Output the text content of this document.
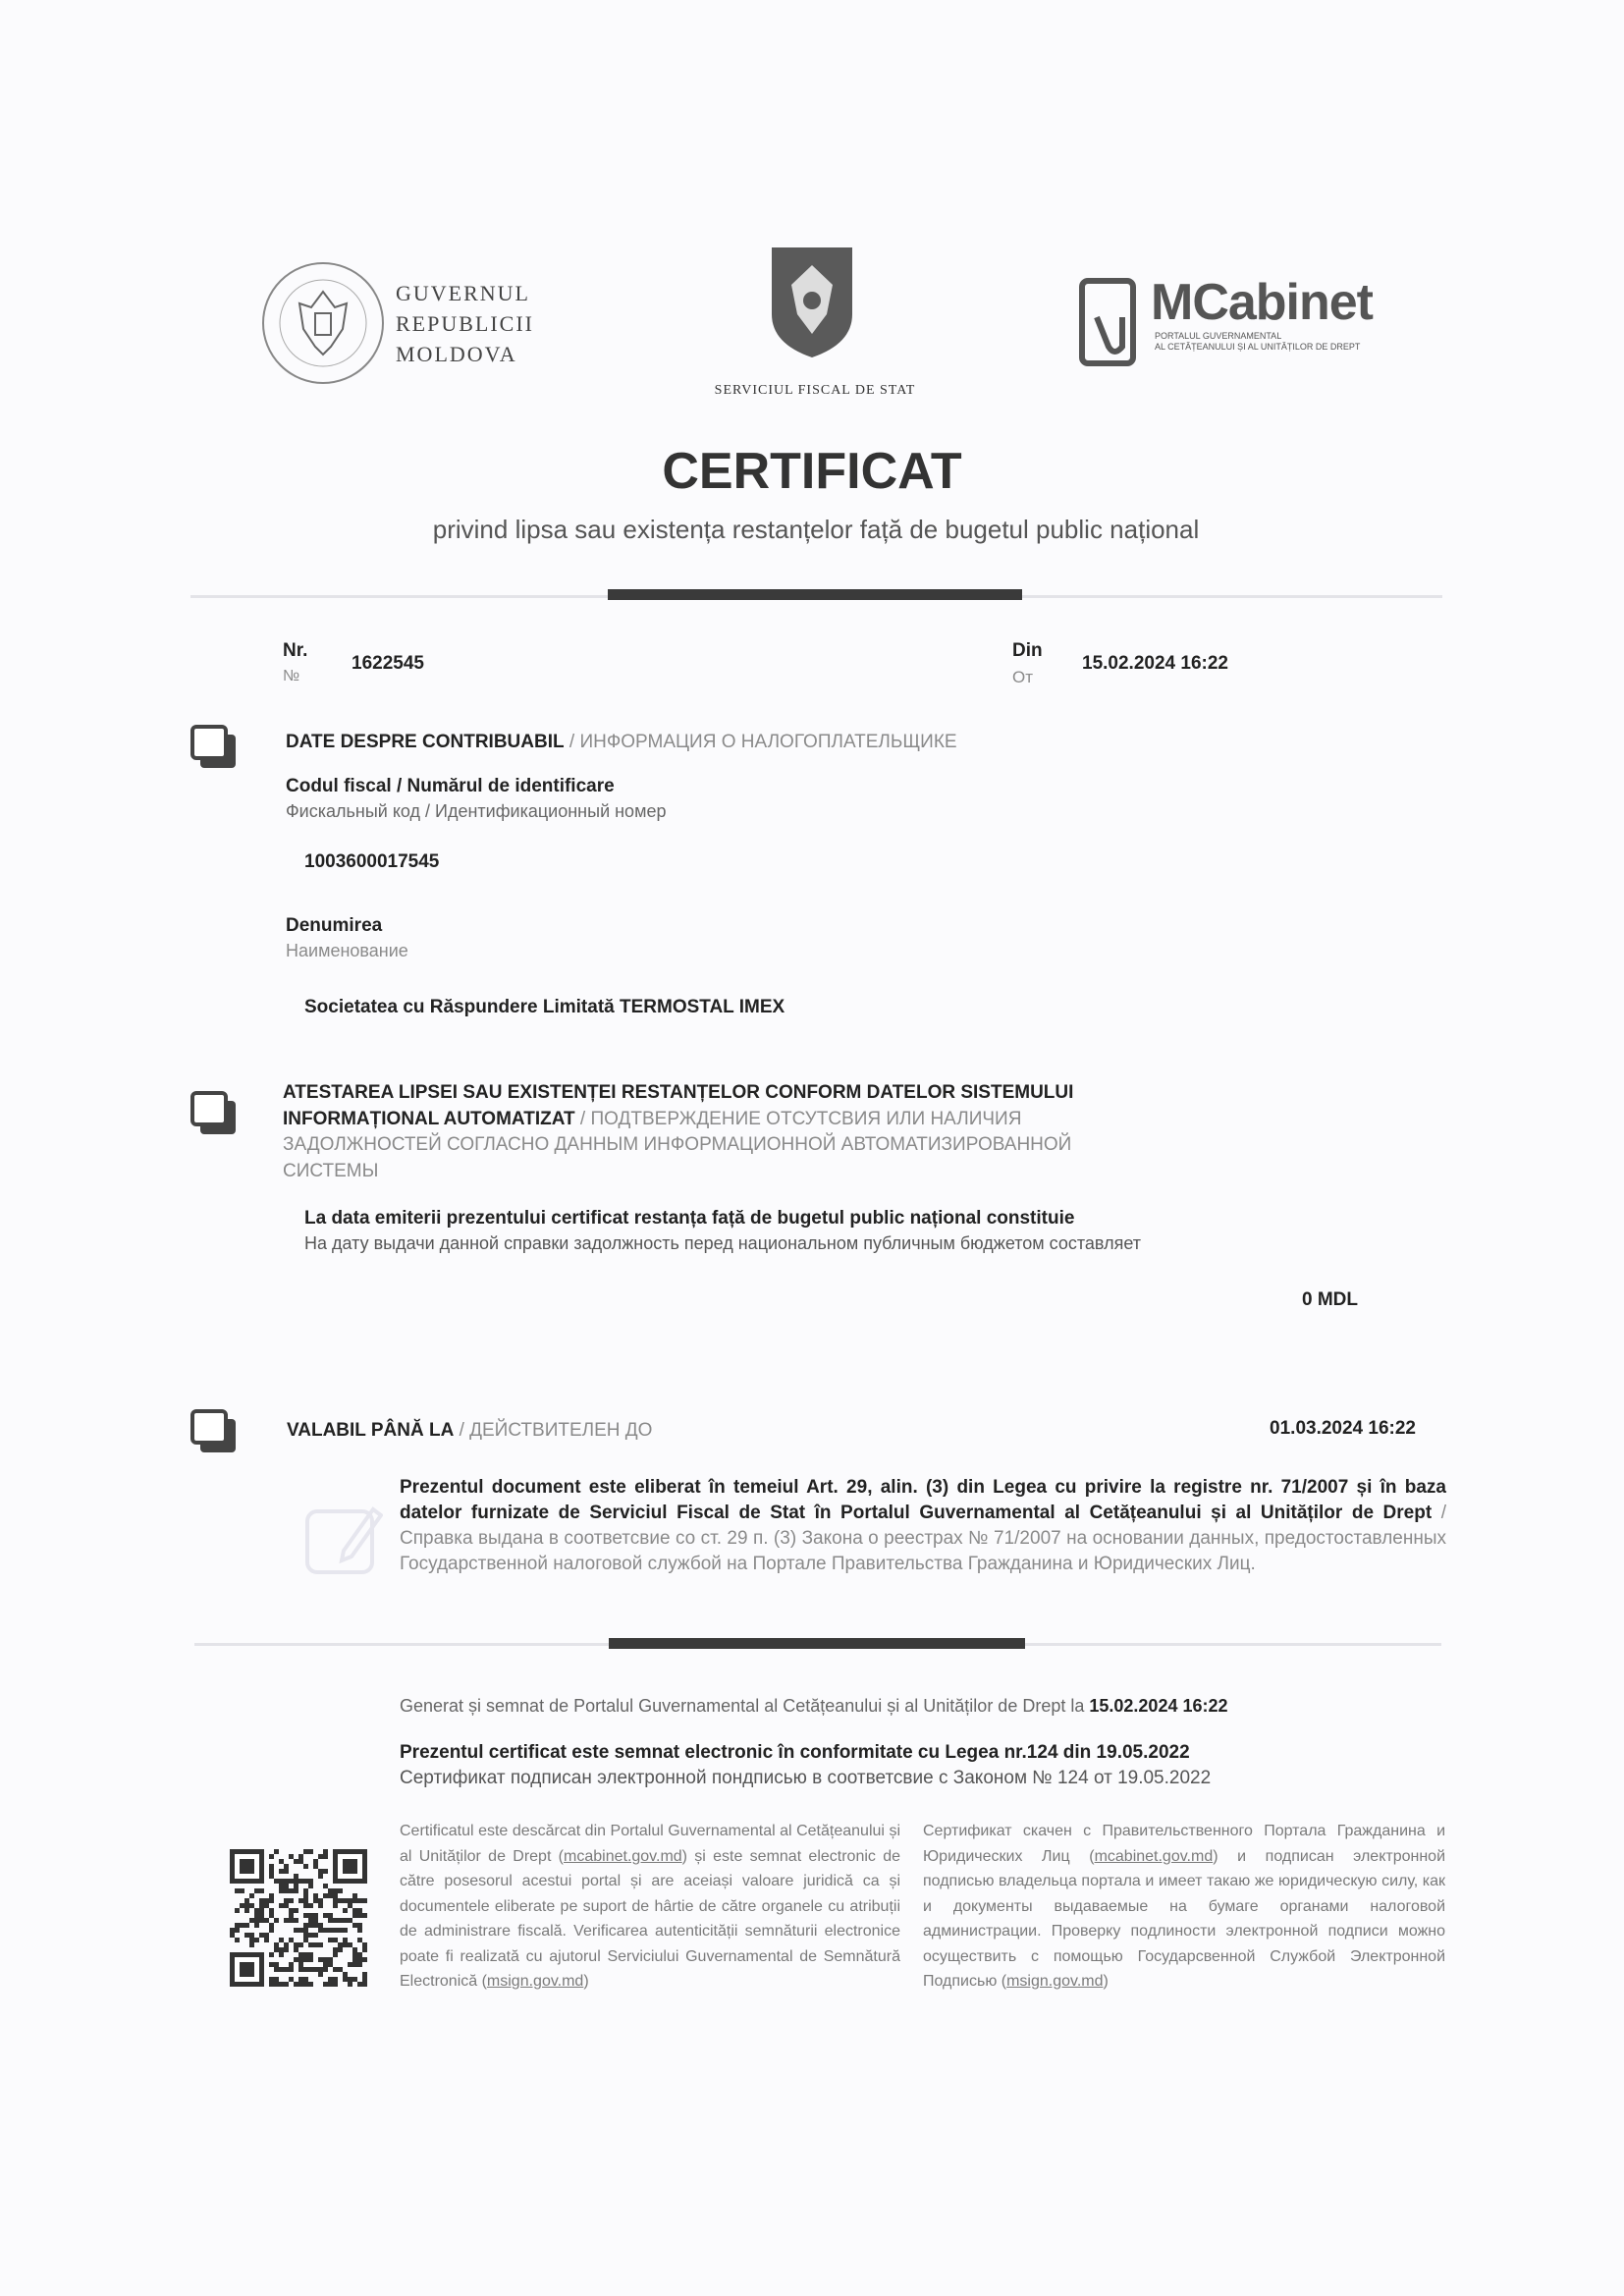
GUVERNUL
REPUBLICII
MOLDOVA
SERVICIUL FISCAL DE STAT
MCabinet
PORTALUL GUVERNAMENTAL
AL CETĂȚEANULUI ȘI AL UNITĂȚILOR DE DREPT
CERTIFICAT
privind lipsa sau existența restanțelor față de bugetul public național
Nr.
№
1622545
Din
От
15.02.2024 16:22
DATE DESPRE CONTRIBUABIL / ИНФОРМАЦИЯ О НАЛОГОПЛАТЕЛЬЩИКЕ
Codul fiscal / Numărul de identificare
Фискальный код / Идентификационный номер
1003600017545
Denumirea
Наименование
Societatea cu Răspundere Limitată TERMOSTAL IMEX
ATESTAREA LIPSEI SAU EXISTENȚEI RESTANȚELOR CONFORM DATELOR SISTEMULUI
INFORMAȚIONAL AUTOMATIZAT / ПОДТВЕРЖДЕНИЕ ОТСУТСВИЯ ИЛИ НАЛИЧИЯ
ЗАДОЛЖНОСТЕЙ СОГЛАСНО ДАННЫМ ИНФОРМАЦИОННОЙ АВТОМАТИЗИРОВАННОЙ
СИСТЕМЫ
La data emiterii prezentului certificat restanța față de bugetul public național constituie
На дату выдачи данной справки задолжность перед национальном публичным бюджетом составляет
0 MDL
VALABIL PÂNĂ LA / ДЕЙСТВИТЕЛЕН ДО	01.03.2024 16:22
Prezentul document este eliberat în temeiul Art. 29, alin. (3) din Legea cu privire la registre nr. 71/2007 și în baza datelor furnizate de Serviciul Fiscal de Stat în Portalul Guvernamental al Cetățeanului și al Unităților de Drept / Справка выдана в соответсвие со ст. 29 п. (3) Закона о реестрах № 71/2007 на основании данных, предостоставленных Государственной налоговой службой на Портале Правительства Гражданина и Юридических Лиц.
Generat și semnat de Portalul Guvernamental al Cetățeanului și al Unităților de Drept la 15.02.2024 16:22
Prezentul certificat este semnat electronic în conformitate cu Legea nr.124 din 19.05.2022
Сертификат подписан электронной пондписью в соответсвие с Законом № 124 от 19.05.2022
Certificatul este descărcat din Portalul Guvernamental al Cetățeanului și al Unităților de Drept (mcabinet.gov.md) și este semnat electronic de către posesorul acestui portal și are aceiași valoare juridică ca și documentele eliberate pe suport de hârtie de către organele cu atribuții de administrare fiscală. Verificarea autenticității semnăturii electronice poate fi realizată cu ajutorul Serviciului Guvernamental de Semnătură Electronică (msign.gov.md)
Сертификат скачен с Правительственного Портала Гражданина и Юридических Лиц (mcabinet.gov.md) и подписан электронной подписью владельца портала и имеет такаю же юридическую силу, как и документы выдаваемые на бумаге органами налоговой администрации. Проверку подлиности электронной подписи можно осуществить с помощью Государсвенной Службой Электронной Подписью (msign.gov.md)
